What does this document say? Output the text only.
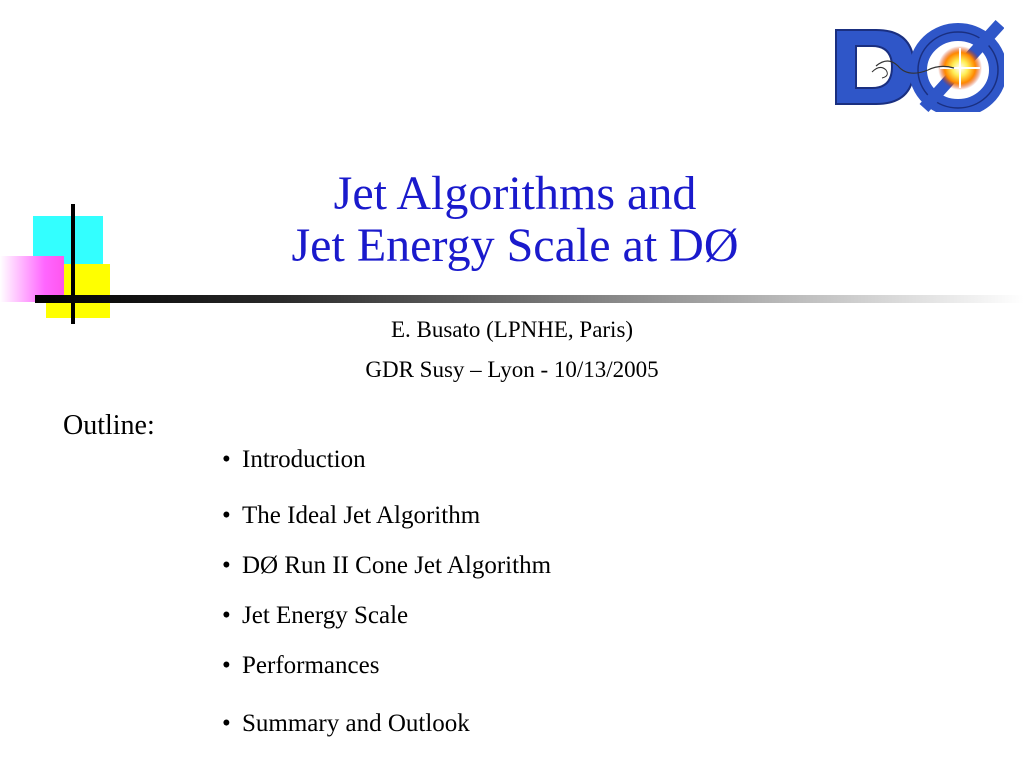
Jet Algorithms and
Jet Energy Scale at DØ
E. Busato (LPNHE, Paris)
GDR Susy – Lyon - 10/13/2005
Outline:
• Introduction
• The Ideal Jet Algorithm
• DØ Run II Cone Jet Algorithm
• Jet Energy Scale
• Performances
• Summary and Outlook
